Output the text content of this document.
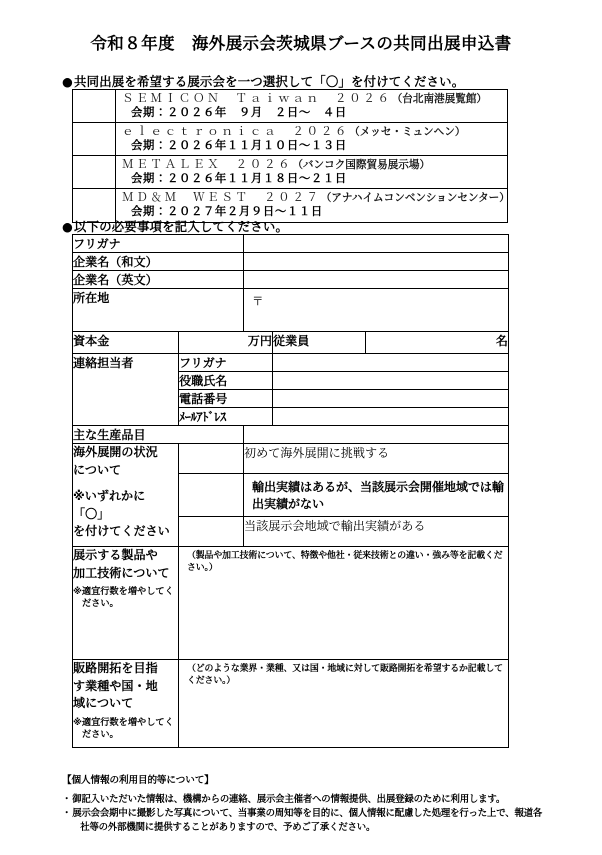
令和８年度　海外展示会茨城県ブースの共同出展申込書
●共同出展を希望する展示会を一つ選択して「〇」を付けてください。

	ＳＥＭＩＣＯＮ　Ｔａｉｗａｎ　２０２６（台北南港展覧館）
会期：２０２６年　９月　２日～　４日

	ｅｌｅｃｔｒｏｎｉｃａ　２０２６（メッセ・ミュンヘン）
会期：２０２６年１１月１０日～１３日

	ＭＥＴＡＬＥＸ　２０２６（バンコク国際貿易展示場）
会期：２０２６年１１月１８日～２１日

	ＭＤ＆Ｍ　ＷＥＳＴ　２０２７（アナハイムコンベンションセンター）
会期：２０２７年２月９日～１１日
●以下の必要事項を記入してください。
フリガナ				
企業名（和文）				
企業名（英文）				
所在地		〒		

資本金	万円		従業員	名
連絡担当者	フリガナ			
	役職氏名			
	電話番号			
	ﾒｰﾙｱﾄﾞﾚｽ			
主な生産品目				
海外展開の状況
について
※いずれかに「〇」
を付けてください		初めて海外展開に挑戦する		
		輸出実績はあるが、当該展示会開催地域では輸出実績がない		
		当該展示会地域で輸出実績がある		
展示する製品や
加工技術について
※適宜行数を増やしてく
ださい。	（製品や加工技術について、特徴や他社・従来技術との違い・強み等を記載ください。）			

販路開拓を目指
す業種や国・地
域について
※適宜行数を増やしてく
ださい。	（どのような業界・業種、又は国・地域に対して販路開拓を希望するか記載してください。）			
【個人情報の利用目的等について】
・ 御記入いただいた情報は、機構からの連絡、展示会主催者への情報提供、出展登録のために利用します。
・ 展示会会期中に撮影した写真について、当事業の周知等を目的に、個人情報に配慮した処理を行った上で、報道各
社等の外部機関に提供することがありますので、予めご了承ください。
